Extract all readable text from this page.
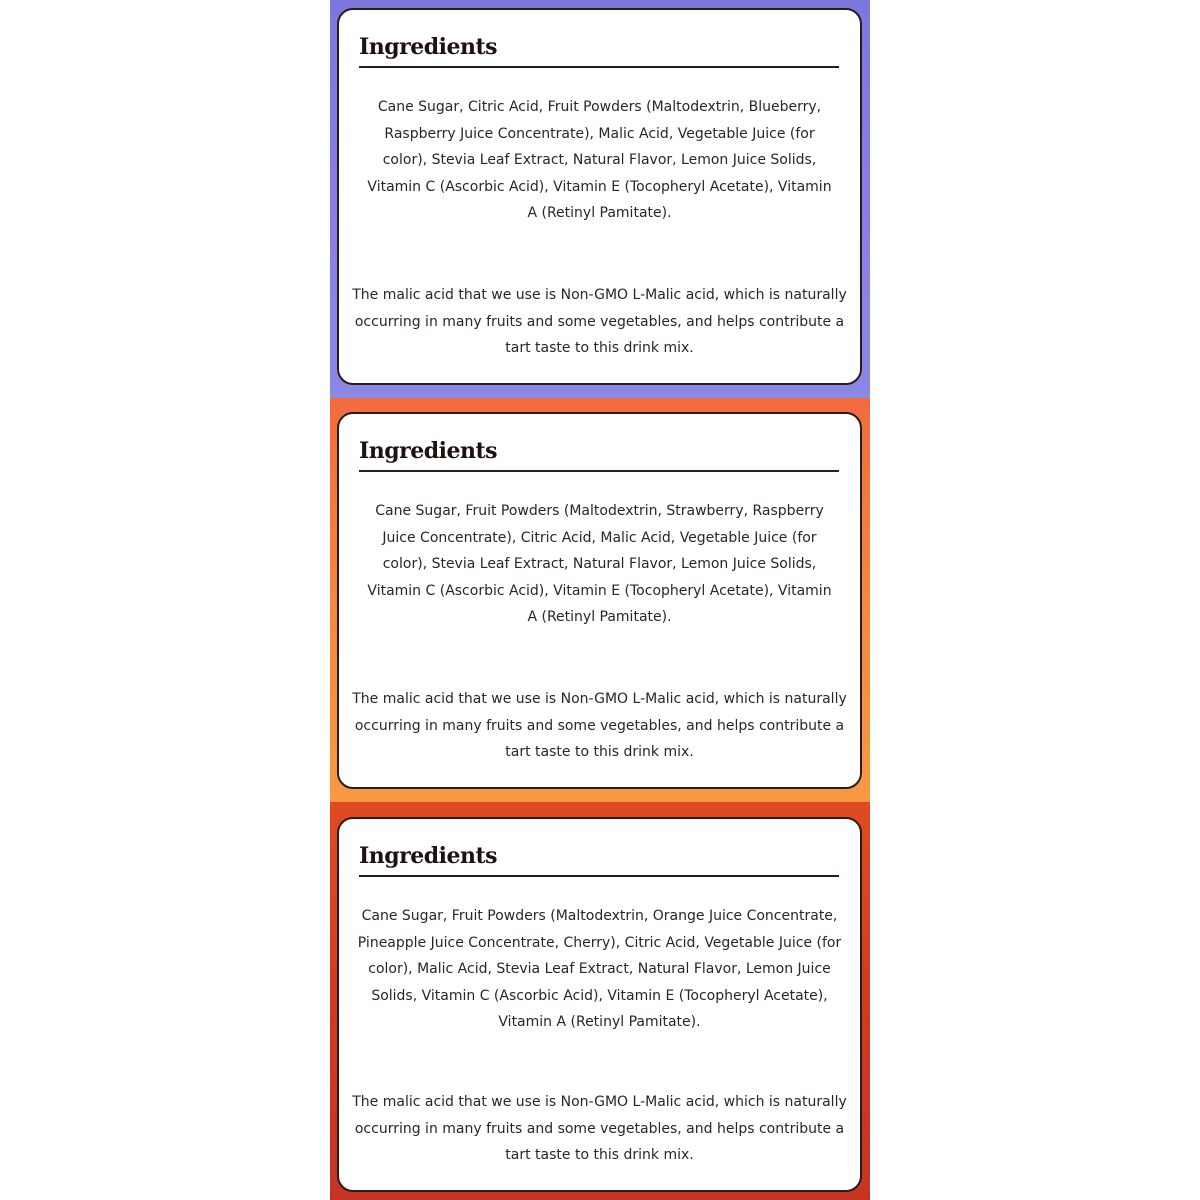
Ingredients

Cane Sugar, Citric Acid, Fruit Powders (Maltodextrin, Blueberry, Raspberry Juice Concentrate), Malic Acid, Vegetable Juice (for color), Stevia Leaf Extract, Natural Flavor, Lemon Juice Solids, Vitamin C (Ascorbic Acid), Vitamin E (Tocopheryl Acetate), Vitamin A (Retinyl Pamitate).

The malic acid that we use is Non-GMO L-Malic acid, which is naturally occurring in many fruits and some vegetables, and helps contribute a tart taste to this drink mix.

Ingredients

Cane Sugar, Fruit Powders (Maltodextrin, Strawberry, Raspberry Juice Concentrate), Citric Acid, Malic Acid, Vegetable Juice (for color), Stevia Leaf Extract, Natural Flavor, Lemon Juice Solids, Vitamin C (Ascorbic Acid), Vitamin E (Tocopheryl Acetate), Vitamin A (Retinyl Pamitate).

The malic acid that we use is Non-GMO L-Malic acid, which is naturally occurring in many fruits and some vegetables, and helps contribute a tart taste to this drink mix.

Ingredients

Cane Sugar, Fruit Powders (Maltodextrin, Orange Juice Concentrate, Pineapple Juice Concentrate, Cherry), Citric Acid, Vegetable Juice (for color), Malic Acid, Stevia Leaf Extract, Natural Flavor, Lemon Juice Solids, Vitamin C (Ascorbic Acid), Vitamin E (Tocopheryl Acetate), Vitamin A (Retinyl Pamitate).

The malic acid that we use is Non-GMO L-Malic acid, which is naturally occurring in many fruits and some vegetables, and helps contribute a tart taste to this drink mix.
